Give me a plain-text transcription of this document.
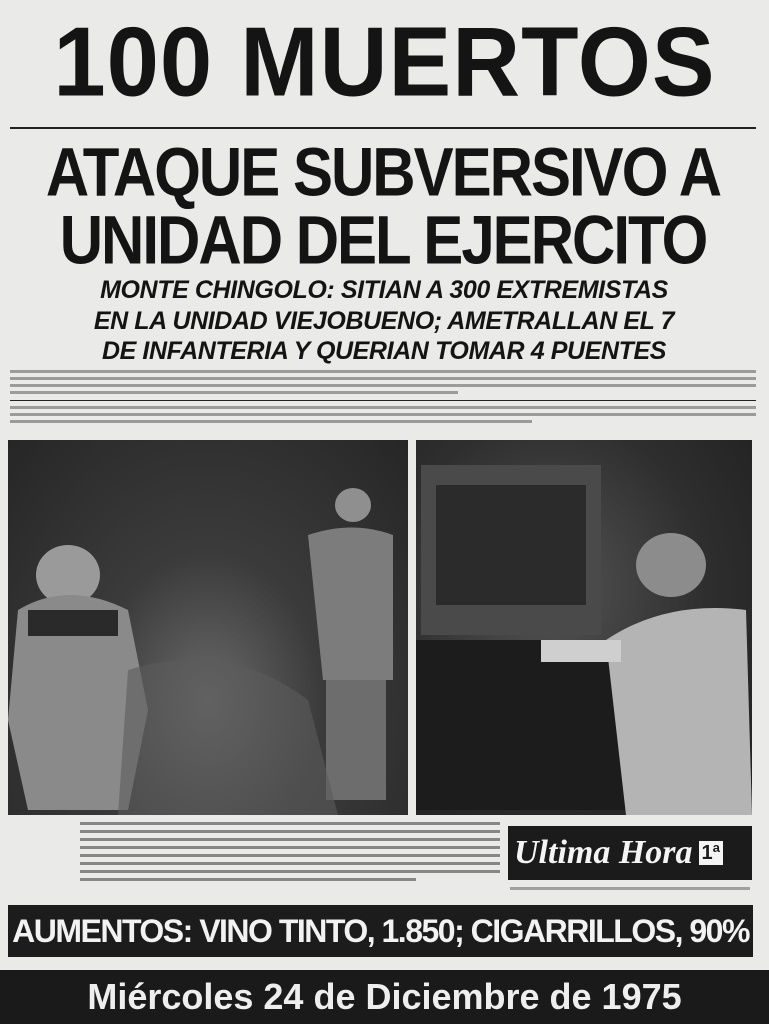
100 MUERTOS
ATAQUE SUBVERSIVO A
UNIDAD DEL EJERCITO
MONTE CHINGOLO: SITIAN A 300 EXTREMISTAS
EN LA UNIDAD VIEJOBUENO; AMETRALLAN EL 7
DE INFANTERIA Y QUERIAN TOMAR 4 PUENTES
Ultima Hora 1ª
AUMENTOS: VINO TINTO, 1.850; CIGARRILLOS, 90%
Miércoles 24 de Diciembre de 1975
